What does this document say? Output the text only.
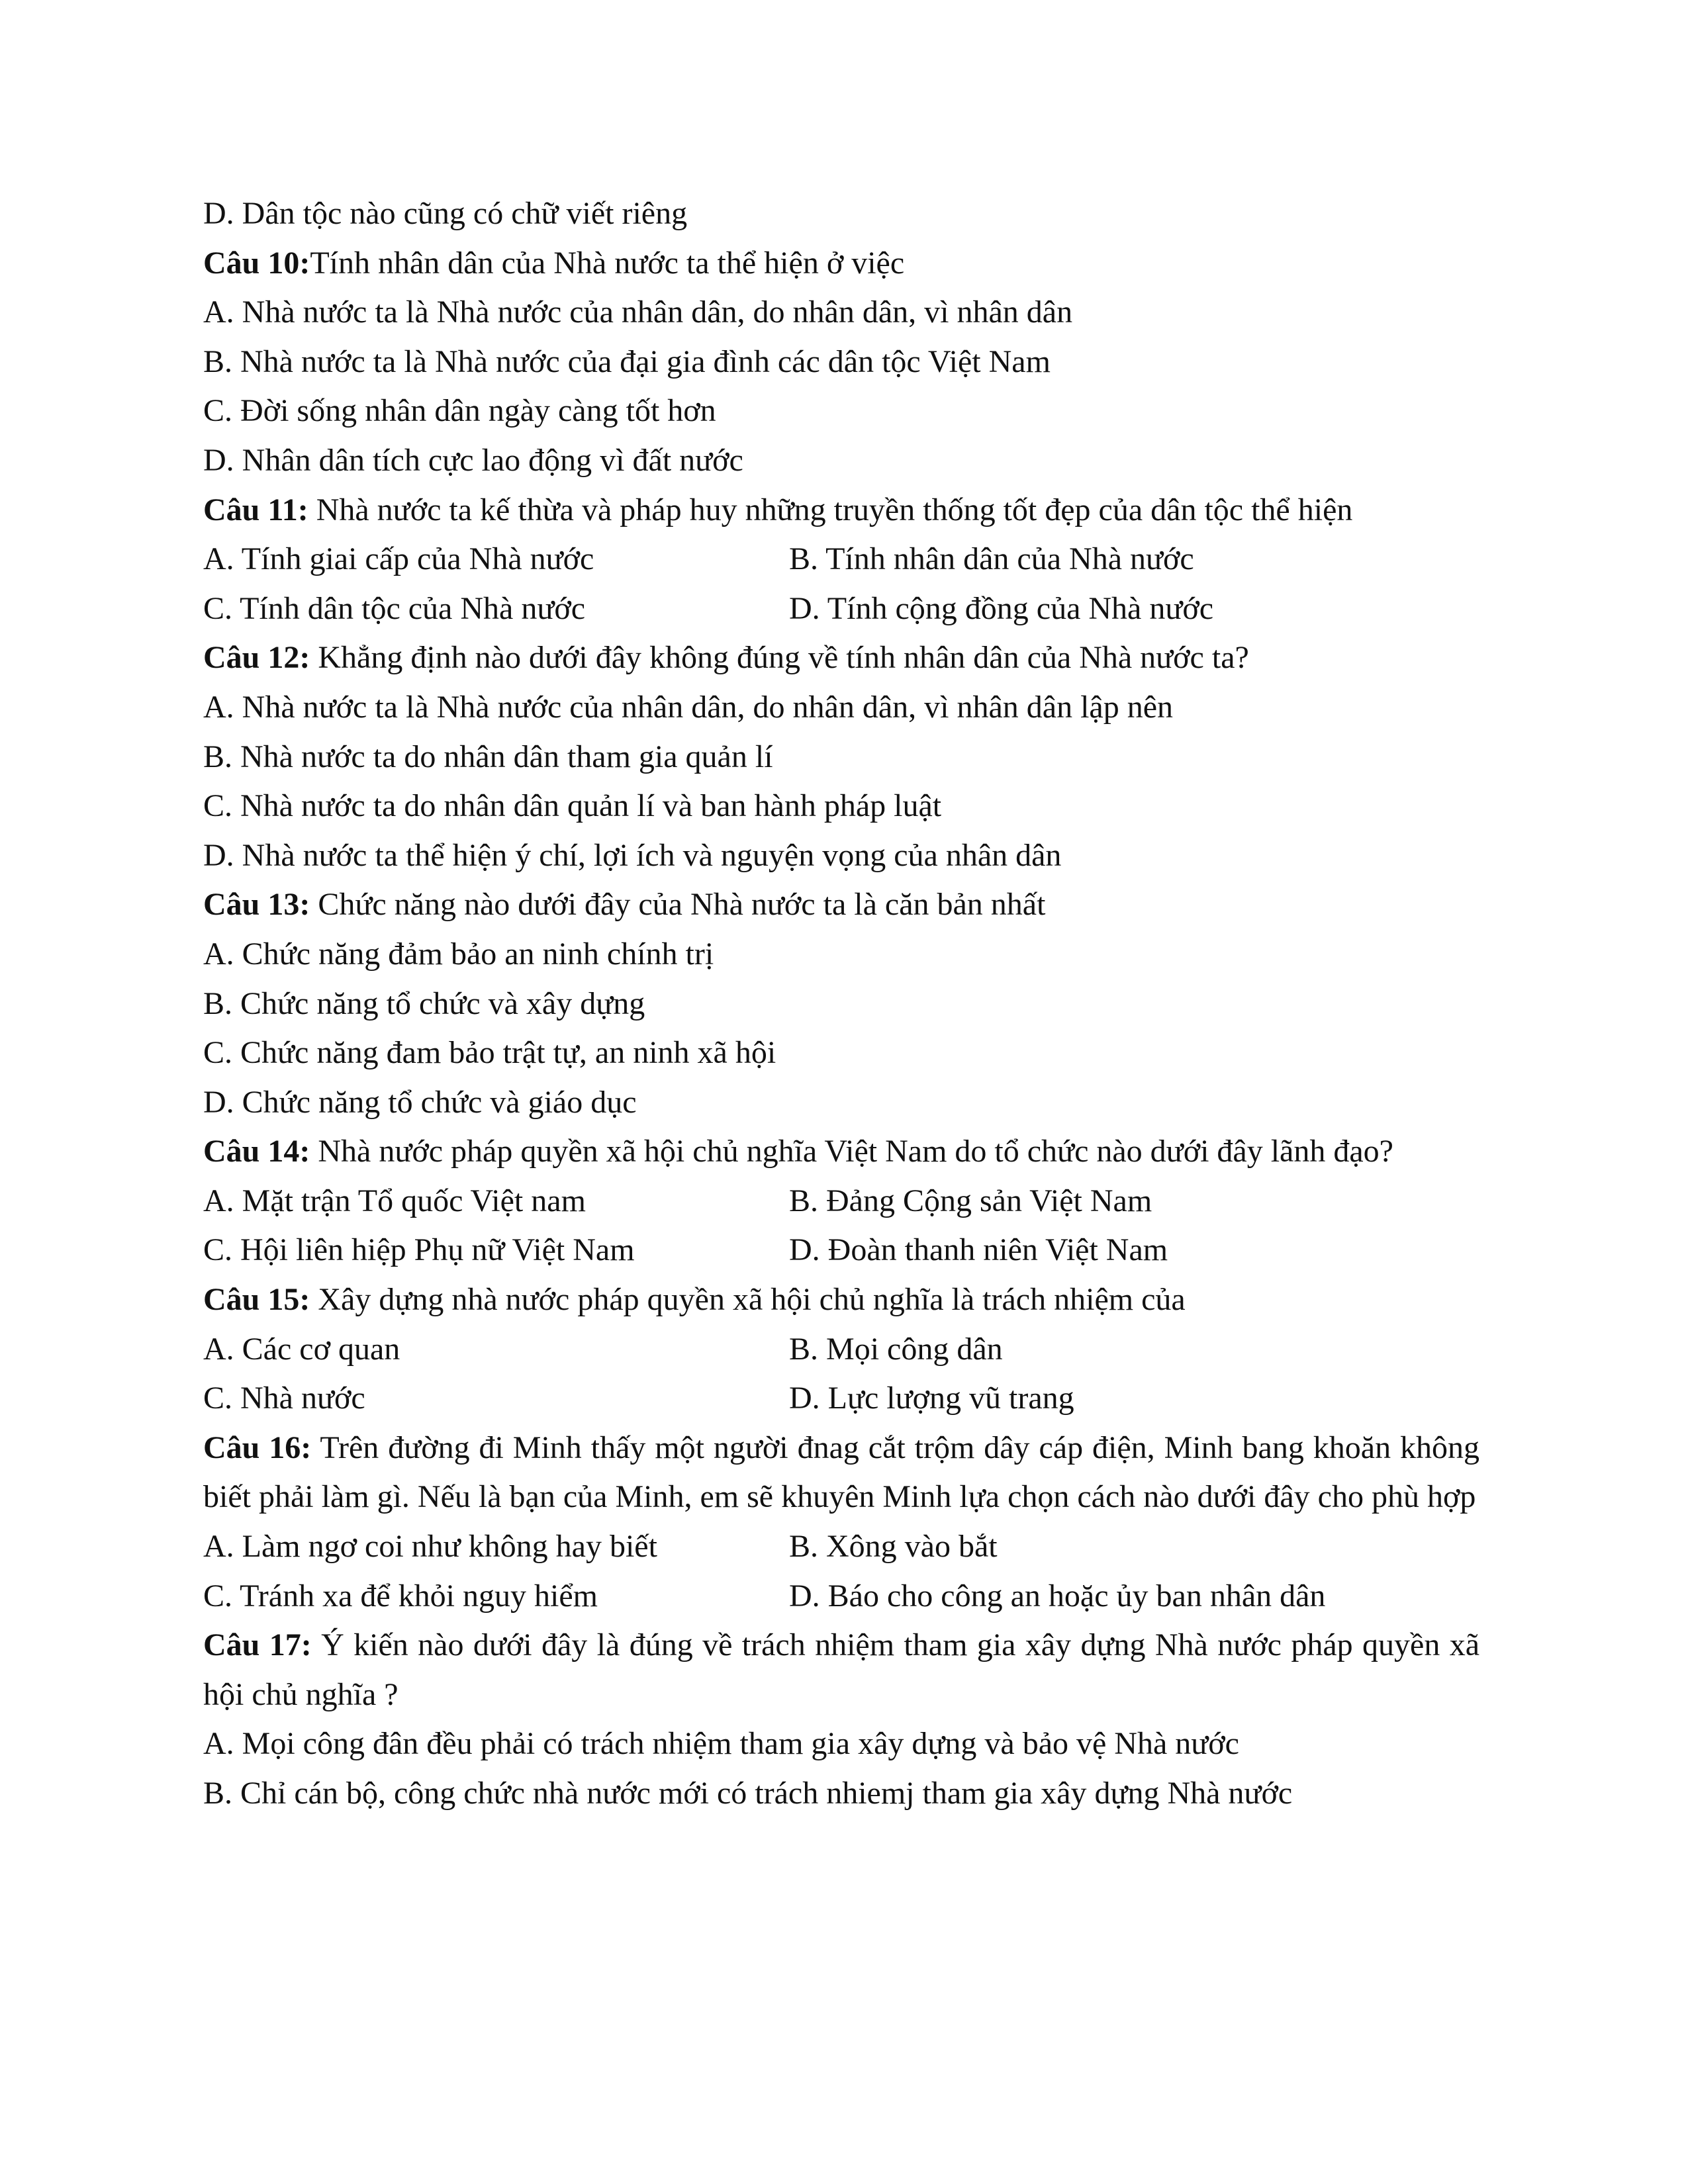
D. Dân tộc nào cũng có chữ viết riêng
Câu 10:Tính nhân dân của Nhà nước ta thể hiện ở việc
A. Nhà nước ta là Nhà nước của nhân dân, do nhân dân, vì nhân dân
B. Nhà nước ta là Nhà nước của đại gia đình các dân tộc Việt Nam
C. Đời sống nhân dân ngày càng tốt hơn
D. Nhân dân tích cực lao động vì đất nước
Câu 11: Nhà nước ta kế thừa và pháp huy những truyền thống tốt đẹp của dân tộc thể hiện
A. Tính giai cấp của Nhà nước	B. Tính nhân dân của Nhà nước
C. Tính dân tộc của Nhà nước	D. Tính cộng đồng của Nhà nước
Câu 12: Khẳng định nào dưới đây không đúng về tính nhân dân của Nhà nước ta?
A. Nhà nước ta là Nhà nước của nhân dân, do nhân dân, vì nhân dân lập nên
B. Nhà nước ta do nhân dân tham gia quản lí
C. Nhà nước ta do nhân dân quản lí và ban hành pháp luật
D. Nhà nước ta thể hiện ý chí, lợi ích và nguyện vọng của nhân dân
Câu 13: Chức năng nào dưới đây của Nhà nước ta là căn bản nhất
A. Chức năng đảm bảo an ninh chính trị
B. Chức năng tổ chức và xây dựng
C. Chức năng đam bảo trật tự, an ninh xã hội
D. Chức năng tổ chức và giáo dục
Câu 14: Nhà nước pháp quyền xã hội chủ nghĩa Việt Nam do tổ chức nào dưới đây lãnh đạo?
A. Mặt trận Tổ quốc Việt nam	B. Đảng Cộng sản Việt Nam
C. Hội liên hiệp Phụ nữ Việt Nam	D. Đoàn thanh niên Việt Nam
Câu 15: Xây dựng nhà nước pháp quyền xã hội chủ nghĩa là trách nhiệm của
A. Các cơ quan	B. Mọi công dân
C. Nhà nước	D. Lực lượng vũ trang
Câu 16: Trên đường đi Minh thấy một người đnag cắt trộm dây cáp điện, Minh bang khoăn không biết phải làm gì. Nếu là bạn của Minh, em sẽ khuyên Minh lựa chọn cách nào dưới đây cho phù hợp
A. Làm ngơ coi như không hay biết	B. Xông vào bắt
C. Tránh xa để khỏi nguy hiểm	D. Báo cho công an hoặc ủy ban nhân dân
Câu 17: Ý kiến nào dưới đây là đúng về trách nhiệm tham gia xây dựng Nhà nước pháp quyền xã hội chủ nghĩa ?
A. Mọi công đân đều phải có trách nhiệm tham gia xây dựng và bảo vệ Nhà nước
B. Chỉ cán bộ, công chức nhà nước mới có trách nhiemj tham gia xây dựng Nhà nước
